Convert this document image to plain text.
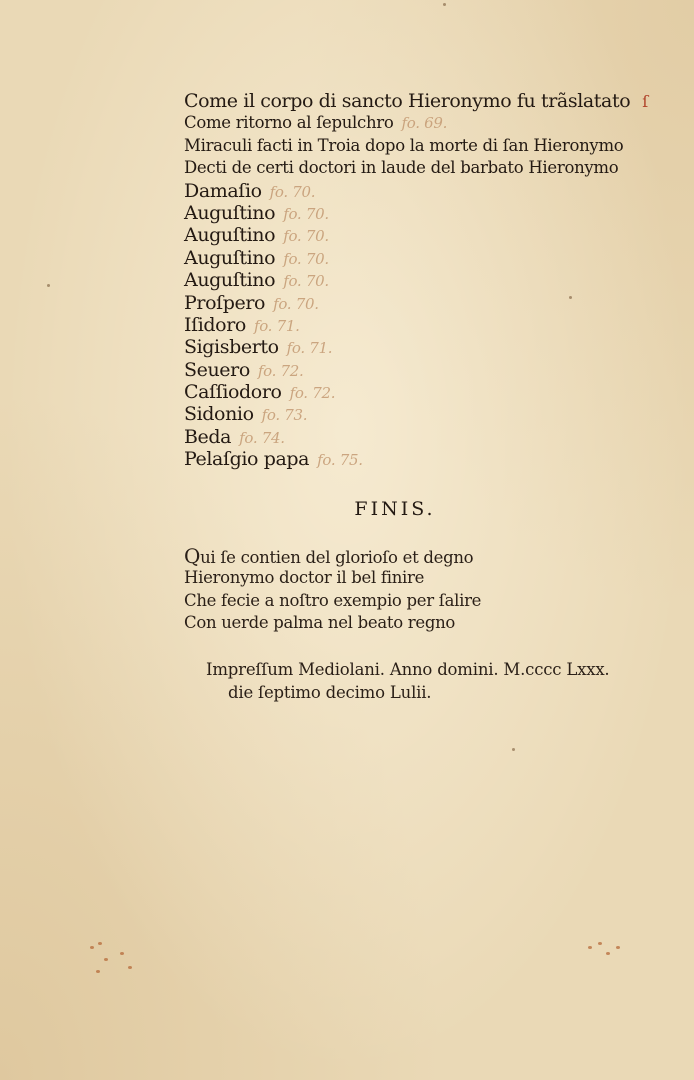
Come il corpo di sancto Hieronymo fu trãslatato ſ
Come ritorno al ſepulchro fo. 69.
Miraculi facti in Troia dopo la morte di ſan Hieronymo
Decti de certi doctori in laude del barbato Hieronymo
Damaſio fo. 70.
Auguſtino fo. 70.
Auguſtino fo. 70.
Auguſtino fo. 70.
Auguſtino fo. 70.
Proſpero fo. 70.
Iſidoro fo. 71.
Sigisberto fo. 71.
Seuero fo. 72.
Caſſiodoro fo. 72.
Sidonio fo. 73.
Beda fo. 74.
Pelaſgio papa fo. 75.
FINIS.
Qui ſe contien del glorioſo et degno
Hieronymo doctor il bel finire
Che fecie a noſtro exempio per ſalire
Con uerde palma nel beato regno
Impreſſum Mediolani. Anno domini. M.cccc Lxxx.
die ſeptimo decimo Lulii.
